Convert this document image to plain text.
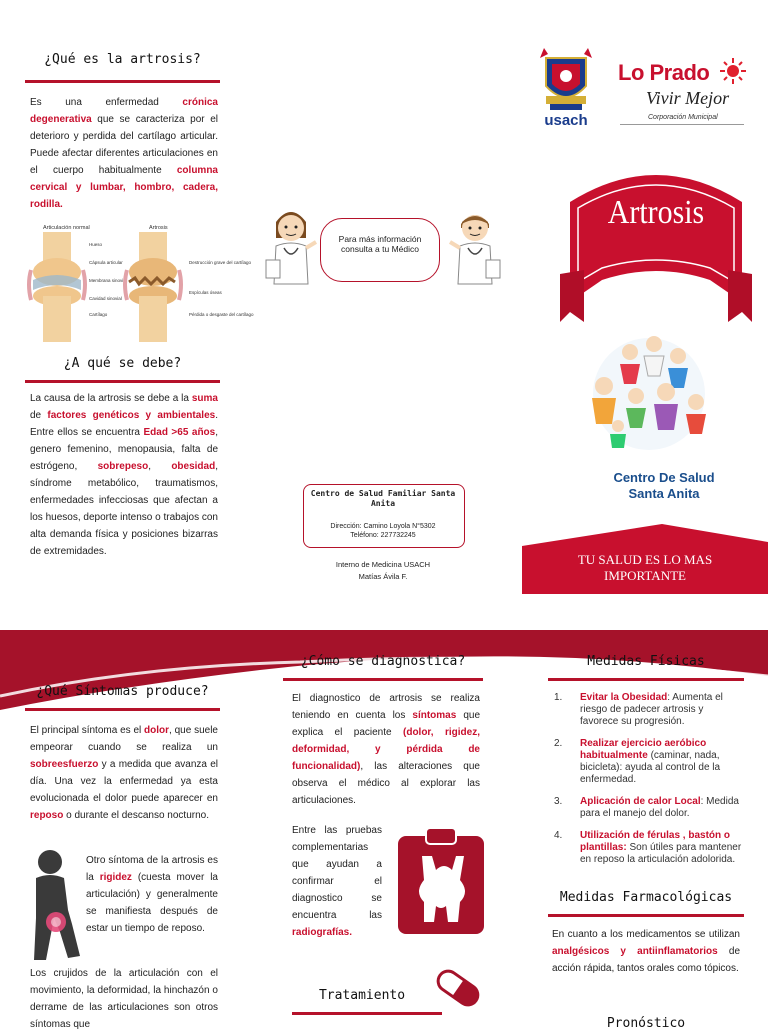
¿Qué es la artrosis?
Es una enfermedad crónica degenerativa que se caracteriza por el deterioro y perdida del cartílago articular. Puede afectar diferentes articulaciones en el cuerpo habitualmente columna cervical y lumbar, hombro, cadera, rodilla.
Articulación normal	Artrosis
Hueso
Cápsula articular
Membrana sinovial
Cavidad sinovial
Cartílago
Destrucción grave del cartílago
Espículas óseas
Pérdida o desgaste del cartílago
¿A qué se debe?
La causa de la artrosis se debe a la suma de factores genéticos y ambientales. Entre ellos se encuentra Edad >65 años, genero femenino, menopausia, falta de estrógeno, sobrepeso, obesidad, síndrome metabólico, traumatismos, enfermedades infecciosas que afectan a los huesos, deporte intenso o trabajos con alta demanda física y posiciones bizarras de extremidades.
Para más información consulta a tu Médico
Centro de Salud Familiar Santa Anita
Dirección: Camino Loyola N°5302
Teléfono: 227732245
Interno de Medicina USACH
Matías Ávila F.
usach
Lo Prado
Vivir Mejor
Corporación Municipal
Artrosis
Centro De Salud
Santa Anita
TU SALUD ES LO MAS IMPORTANTE
¿Qué Síntomas produce?
El principal síntoma es el dolor, que suele empeorar cuando se realiza un sobreesfuerzo y a medida que avanza el día. Una vez la enfermedad ya esta evolucionada el dolor puede aparecer en reposo o durante el descanso nocturno.
Otro síntoma de la artrosis es la rigidez (cuesta mover la articulación) y generalmente se manifiesta después de estar un tiempo de reposo.
Los crujidos de la articulación con el movimiento, la deformidad, la hinchazón o derrame de las articulaciones son otros síntomas que
¿Cómo se diagnostica?
El diagnostico de artrosis se realiza teniendo en cuenta los síntomas que explica el paciente (dolor, rigidez, deformidad, y pérdida de funcionalidad), las alteraciones que observa el médico al explorar las articulaciones.
Entre las pruebas complementarias que ayudan a confirmar el diagnostico se encuentra las radiografías.
Tratamiento
Medidas Físicas
1. Evitar la Obesidad: Aumenta el riesgo de padecer artrosis y favorece su progresión.
2. Realizar ejercicio aeróbico habitualmente (caminar, nada, bicicleta): ayuda al control de la enfermedad.
3. Aplicación de calor Local: Medida para el manejo del dolor.
4. Utilización de férulas , bastón o plantillas: Son útiles para mantener en reposo la articulación adolorida.
Medidas Farmacológicas
En cuanto a los medicamentos se utilizan analgésicos y antiinflamatorios de acción rápida, tantos orales como tópicos.
Pronóstico
